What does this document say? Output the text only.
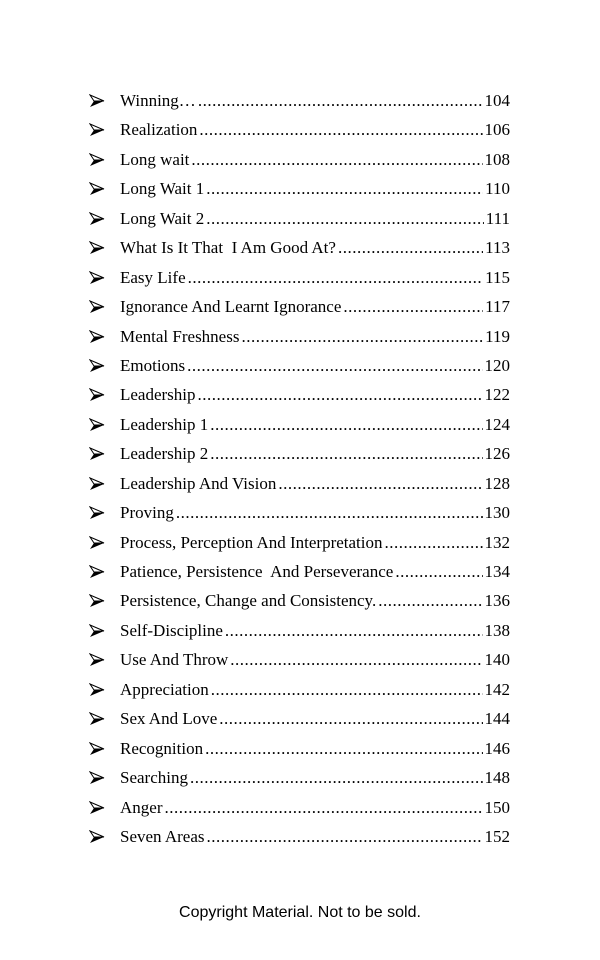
Winning… .....	104
Realization .....	106
Long wait .....	108
Long Wait 1 .....	110
Long Wait 2 .....	111
What Is It That  I Am Good At? .....	113
Easy Life .....	115
Ignorance And Learnt Ignorance .....	117
Mental Freshness .....	119
Emotions .....	120
Leadership .....	122
Leadership 1 .....	124
Leadership 2 .....	126
Leadership And Vision .....	128
Proving .....	130
Process, Perception And Interpretation .....	132
Patience, Persistence  And Perseverance .....	134
Persistence, Change and Consistency. .....	136
Self-Discipline .....	138
Use And Throw .....	140
Appreciation .....	142
Sex And Love .....	144
Recognition .....	146
Searching .....	148
Anger .....	150
Seven Areas .....	152
Copyright Material. Not to be sold.
